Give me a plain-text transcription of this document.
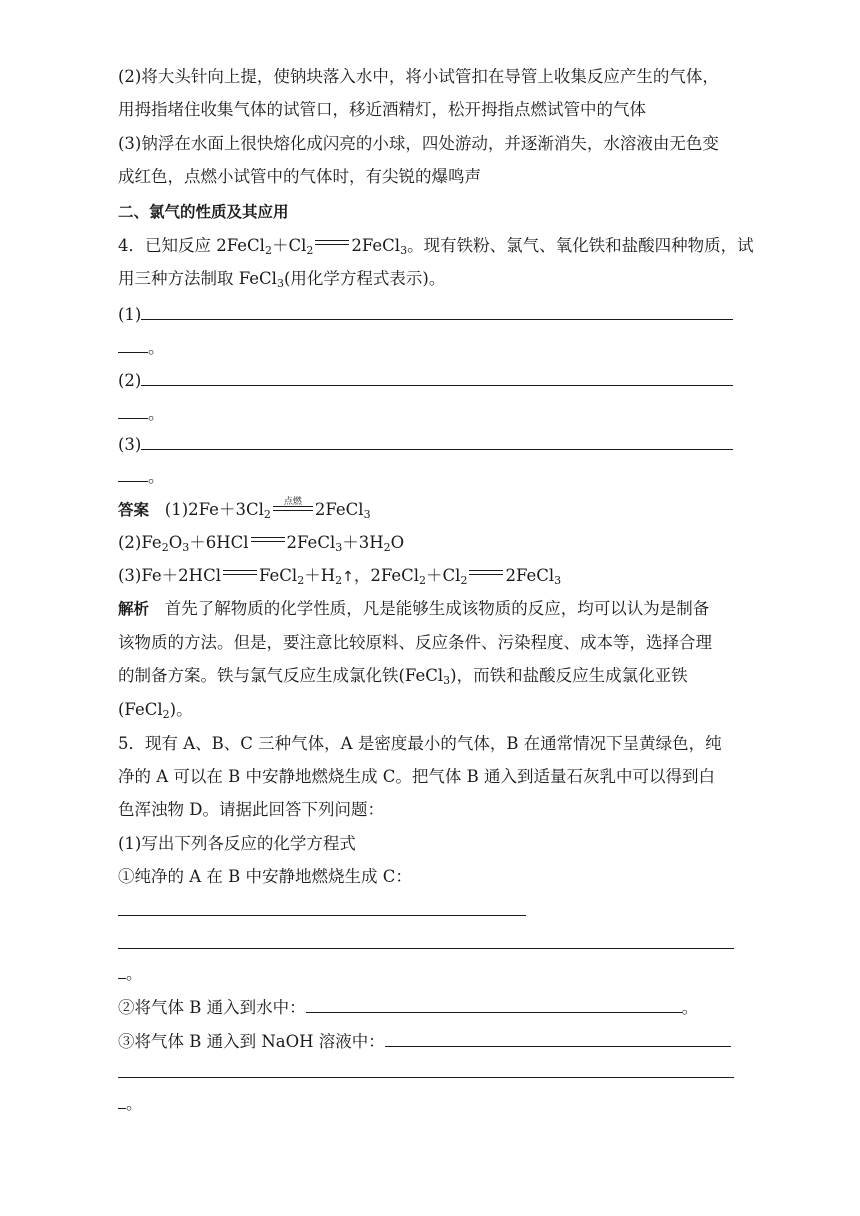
(2)将大头针向上提，使钠块落入水中，将小试管扣在导管上收集反应产生的气体，
用拇指堵住收集气体的试管口，移近酒精灯，松开拇指点燃试管中的气体
(3)钠浮在水面上很快熔化成闪亮的小球，四处游动，并逐渐消失，水溶液由无色变
成红色，点燃小试管中的气体时，有尖锐的爆鸣声
二、氯气的性质及其应用
4．已知反应 $2FeCl_2+Cl_2$ 2FeCl$_3$。现有铁粉、氯气、氧化铁和盐酸四种物质，试
用三种方法制取 FeCl$_3$(用化学方程式表示)。
(1)
。
(2)
。
(3)
。
答案 $(1)2Fe+3Cl_2$
点燃 2FeCl$_3$
$(2)Fe_2O_3+6HCl$ $2FeCl_3+3H_2O$
(3)Fe＋2HCl $FeCl_2+H_2↑$，$2FeCl_2+Cl_2$ 2FeCl$_3$
解析 首先了解物质的化学性质，凡是能够生成该物质的反应，均可以认为是制备
该物质的方法。但是，要注意比较原料、反应条件、污染程度、成本等，选择合理
的制备方案。铁与氯气反应生成氯化铁(FeCl$_3$)，而铁和盐酸反应生成氯化亚铁
(FeCl$_2$)。
5．现有 A、B、C 三种气体，A 是密度最小的气体，B 在通常情况下呈黄绿色，纯
净的 A 可以在 B 中安静地燃烧生成 C。把气体 B 通入到适量石灰乳中可以得到白
色浑浊物 D。请据此回答下列问题：
(1)写出下列各反应的化学方程式
①纯净的 A 在 B 中安静地燃烧生成 C：
。
②将气体 B 通入到水中：	。
③将气体 B 通入到 NaOH 溶液中：
。
